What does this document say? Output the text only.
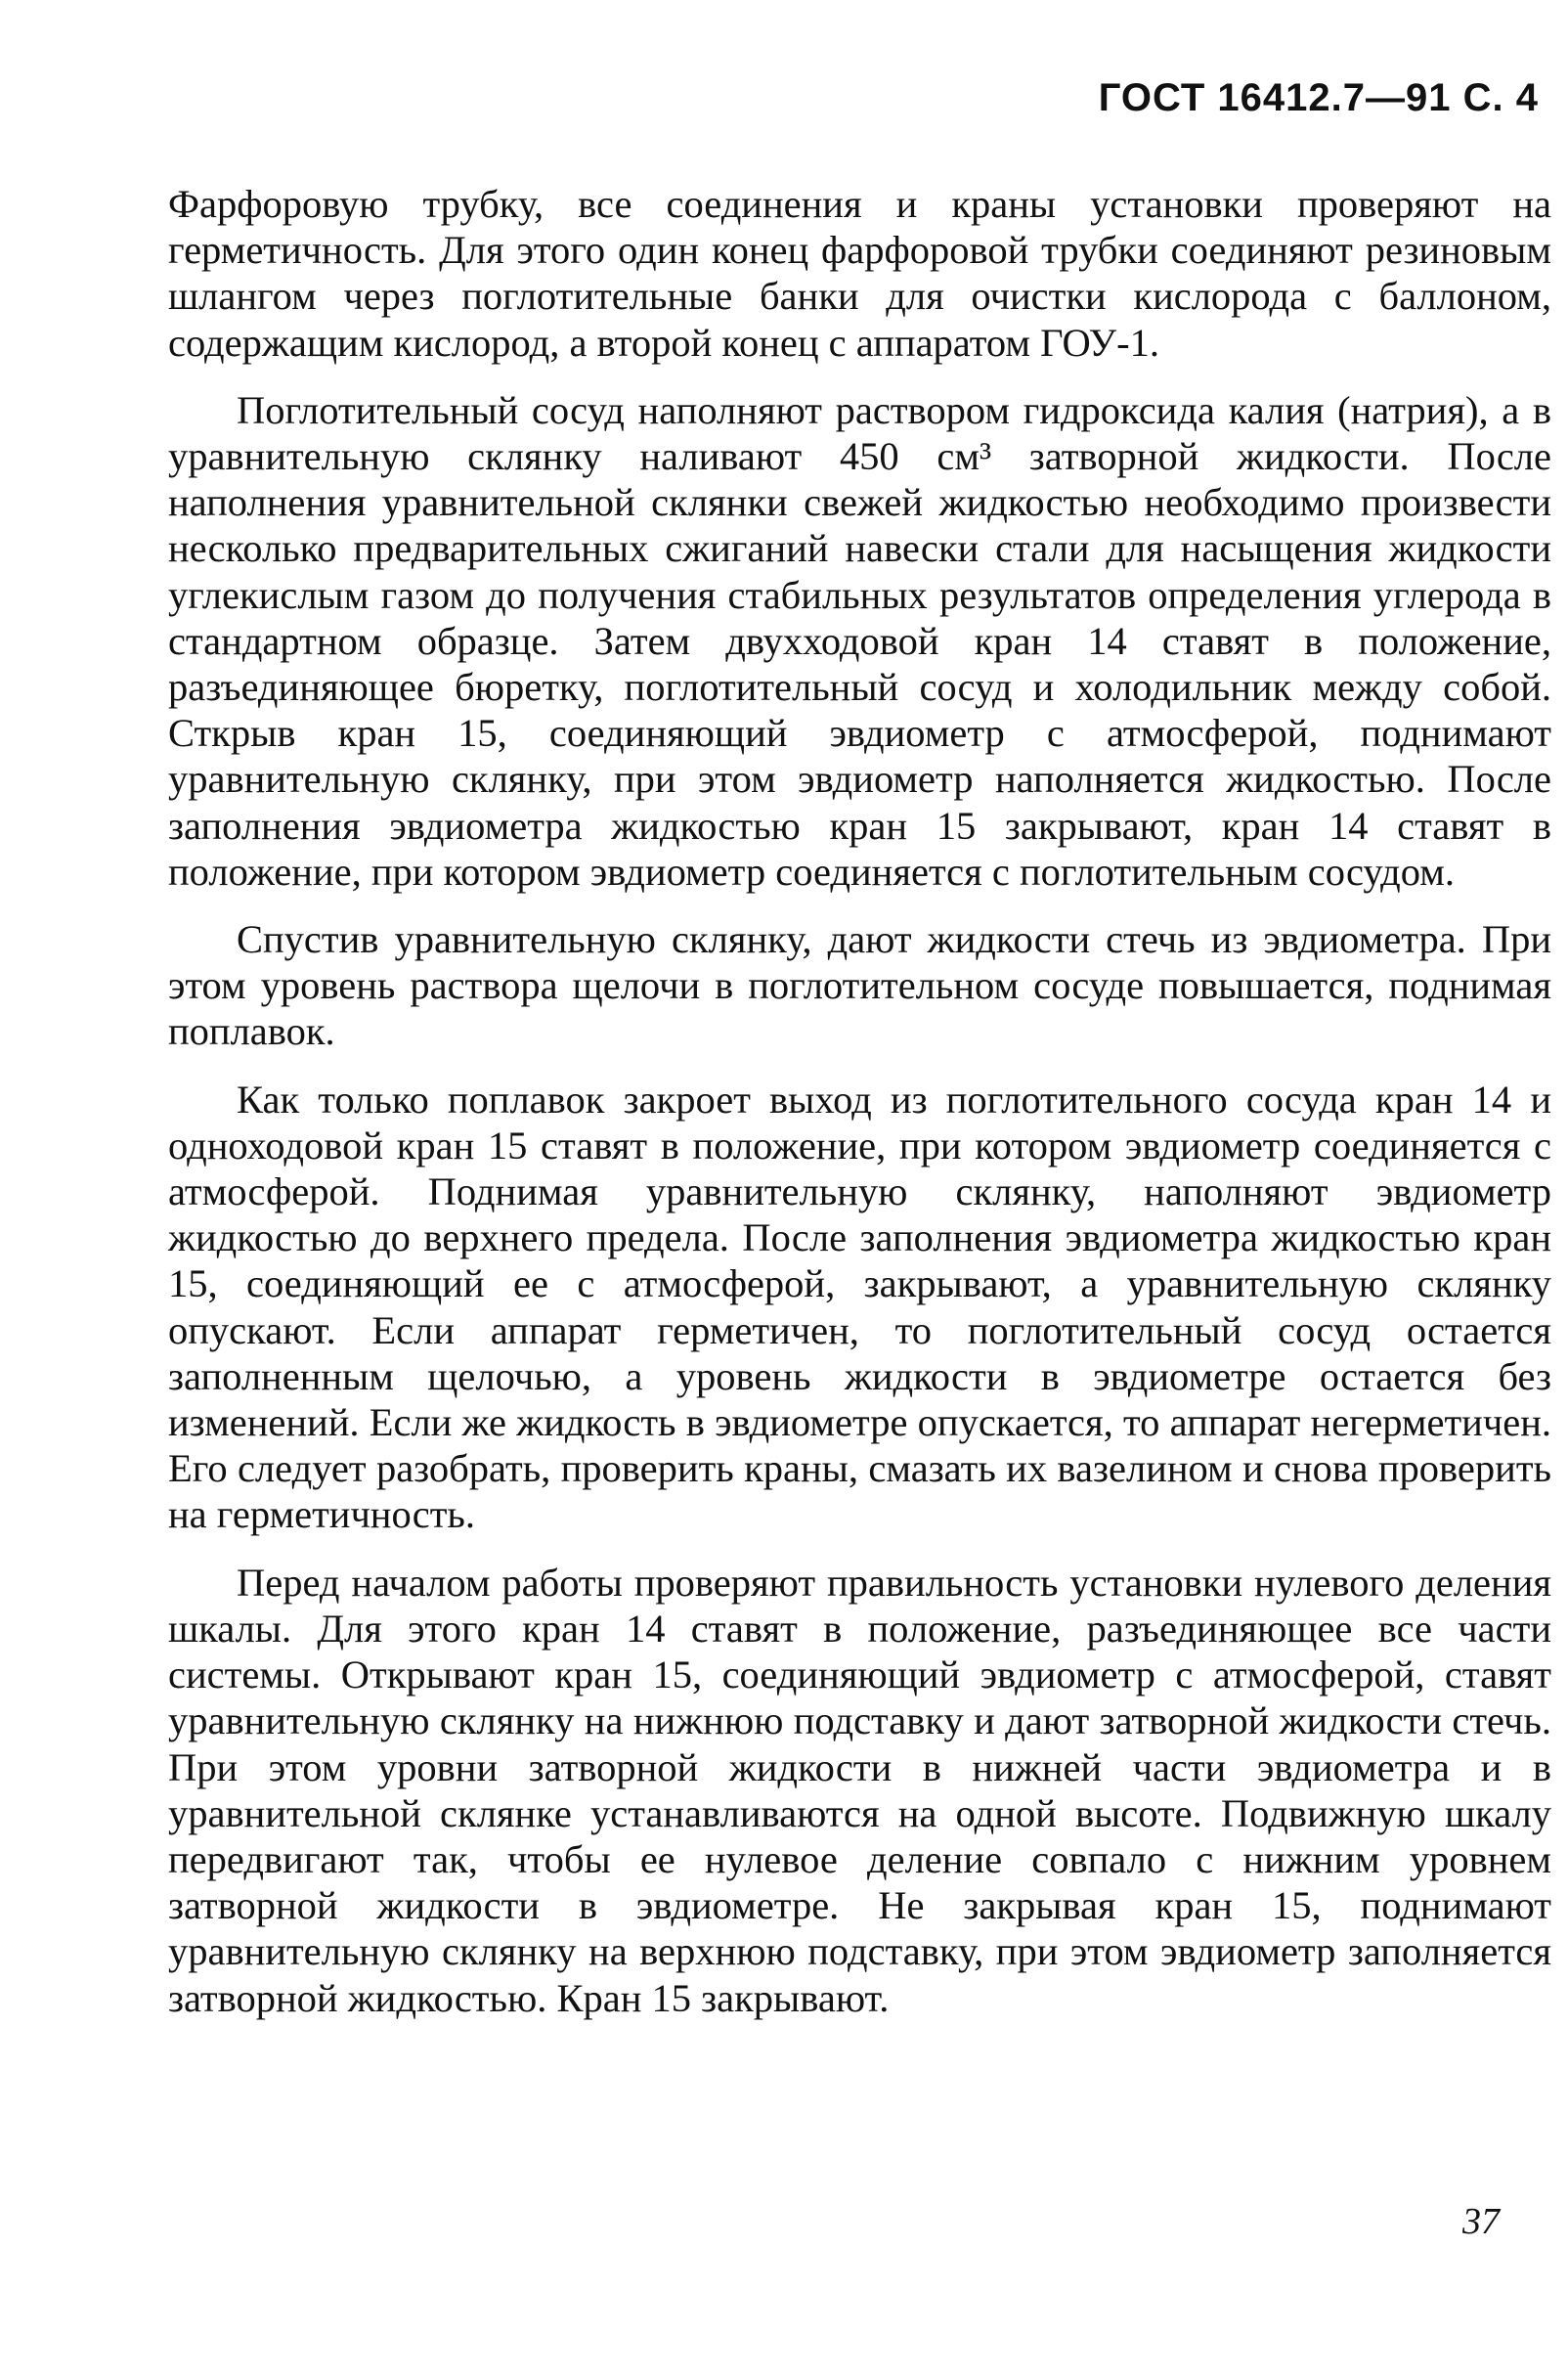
ГОСТ 16412.7—91 С. 4

Фарфоровую трубку, все соединения и краны установки проверяют на герметичность. Для этого один конец фарфоровой трубки соединяют резиновым шлангом через поглотительные банки для очистки кислорода с баллоном, содержащим кислород, а второй конец с аппаратом ГОУ-1.

Поглотительный сосуд наполняют раствором гидроксида калия (натрия), а в уравнительную склянку наливают 450 см³ затворной жидкости. После наполнения уравнительной склянки свежей жидкостью необходимо произвести несколько предварительных сжиганий навески стали для насыщения жидкости углекислым газом до получения стабильных результатов определения углерода в стандартном образце. Затем двухходовой кран 14 ставят в положение, разъединяющее бюретку, поглотительный сосуд и холодильник между собой. Сткрыв кран 15, соединяющий эвдиометр с атмосферой, поднимают уравнительную склянку, при этом эвдиометр наполняется жидкостью. После заполнения эвдиометра жидкостью кран 15 закрывают, кран 14 ставят в положение, при котором эвдиометр соединяется с поглотительным сосудом.

Спустив уравнительную склянку, дают жидкости стечь из эвдиометра. При этом уровень раствора щелочи в поглотительном сосуде повышается, поднимая поплавок.

Как только поплавок закроет выход из поглотительного сосуда кран 14 и одноходовой кран 15 ставят в положение, при котором эвдиометр соединяется с атмосферой. Поднимая уравнительную склянку, наполняют эвдиометр жидкостью до верхнего предела. После заполнения эвдиометра жидкостью кран 15, соединяющий ее с атмосферой, закрывают, а уравнительную склянку опускают. Если аппарат герметичен, то поглотительный сосуд остается заполненным щелочью, а уровень жидкости в эвдиометре остается без изменений. Если же жидкость в эвдиометре опускается, то аппарат негерметичен. Его следует разобрать, проверить краны, смазать их вазелином и снова проверить на герметичность.

Перед началом работы проверяют правильность установки нулевого деления шкалы. Для этого кран 14 ставят в положение, разъединяющее все части системы. Открывают кран 15, соединяющий эвдиометр с атмосферой, ставят уравнительную склянку на нижнюю подставку и дают затворной жидкости стечь. При этом уровни затворной жидкости в нижней части эвдиометра и в уравнительной склянке устанавливаются на одной высоте. Подвижную шкалу передвигают так, чтобы ее нулевое деление совпало с нижним уровнем затворной жидкости в эвдиометре. Не закрывая кран 15, поднимают уравнительную склянку на верхнюю подставку, при этом эвдиометр заполняется затворной жидкостью. Кран 15 закрывают.

37
